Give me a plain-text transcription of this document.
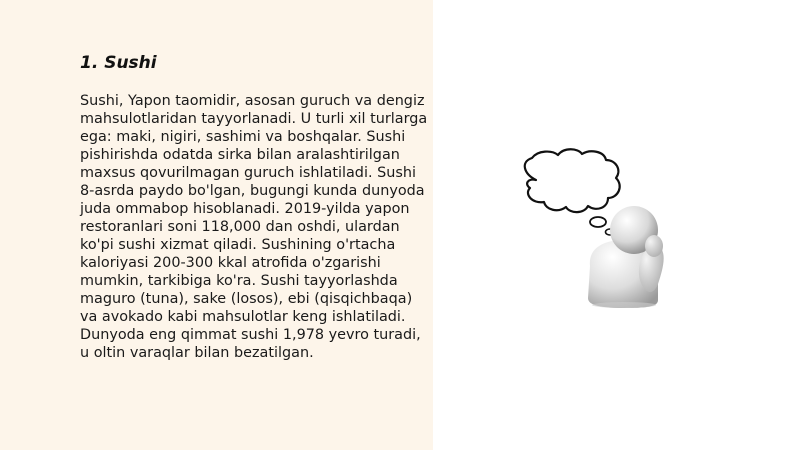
1. Sushi

Sushi, Yapon taomidir, asosan guruch va dengiz mahsulotlaridan tayyorlanadi. U turli xil turlarga ega: maki, nigiri, sashimi va boshqalar. Sushi pishirishda odatda sirka bilan aralashtirilgan maxsus qovurilmagan guruch ishlatiladi. Sushi 8-asrda paydo bo'lgan, bugungi kunda dunyoda juda ommabop hisoblanadi. 2019-yilda yapon restoranlari soni 118,000 dan oshdi, ulardan ko'pi sushi xizmat qiladi. Sushining o'rtacha kaloriyasi 200-300 kkal atrofida o'zgarishi mumkin, tarkibiga ko'ra. Sushi tayyorlashda maguro (tuna), sake (losos), ebi (qisqichbaqa) va avokado kabi mahsulotlar keng ishlatiladi. Dunyoda eng qimmat sushi 1,978 yevro turadi, u oltin varaqlar bilan bezatilgan.
